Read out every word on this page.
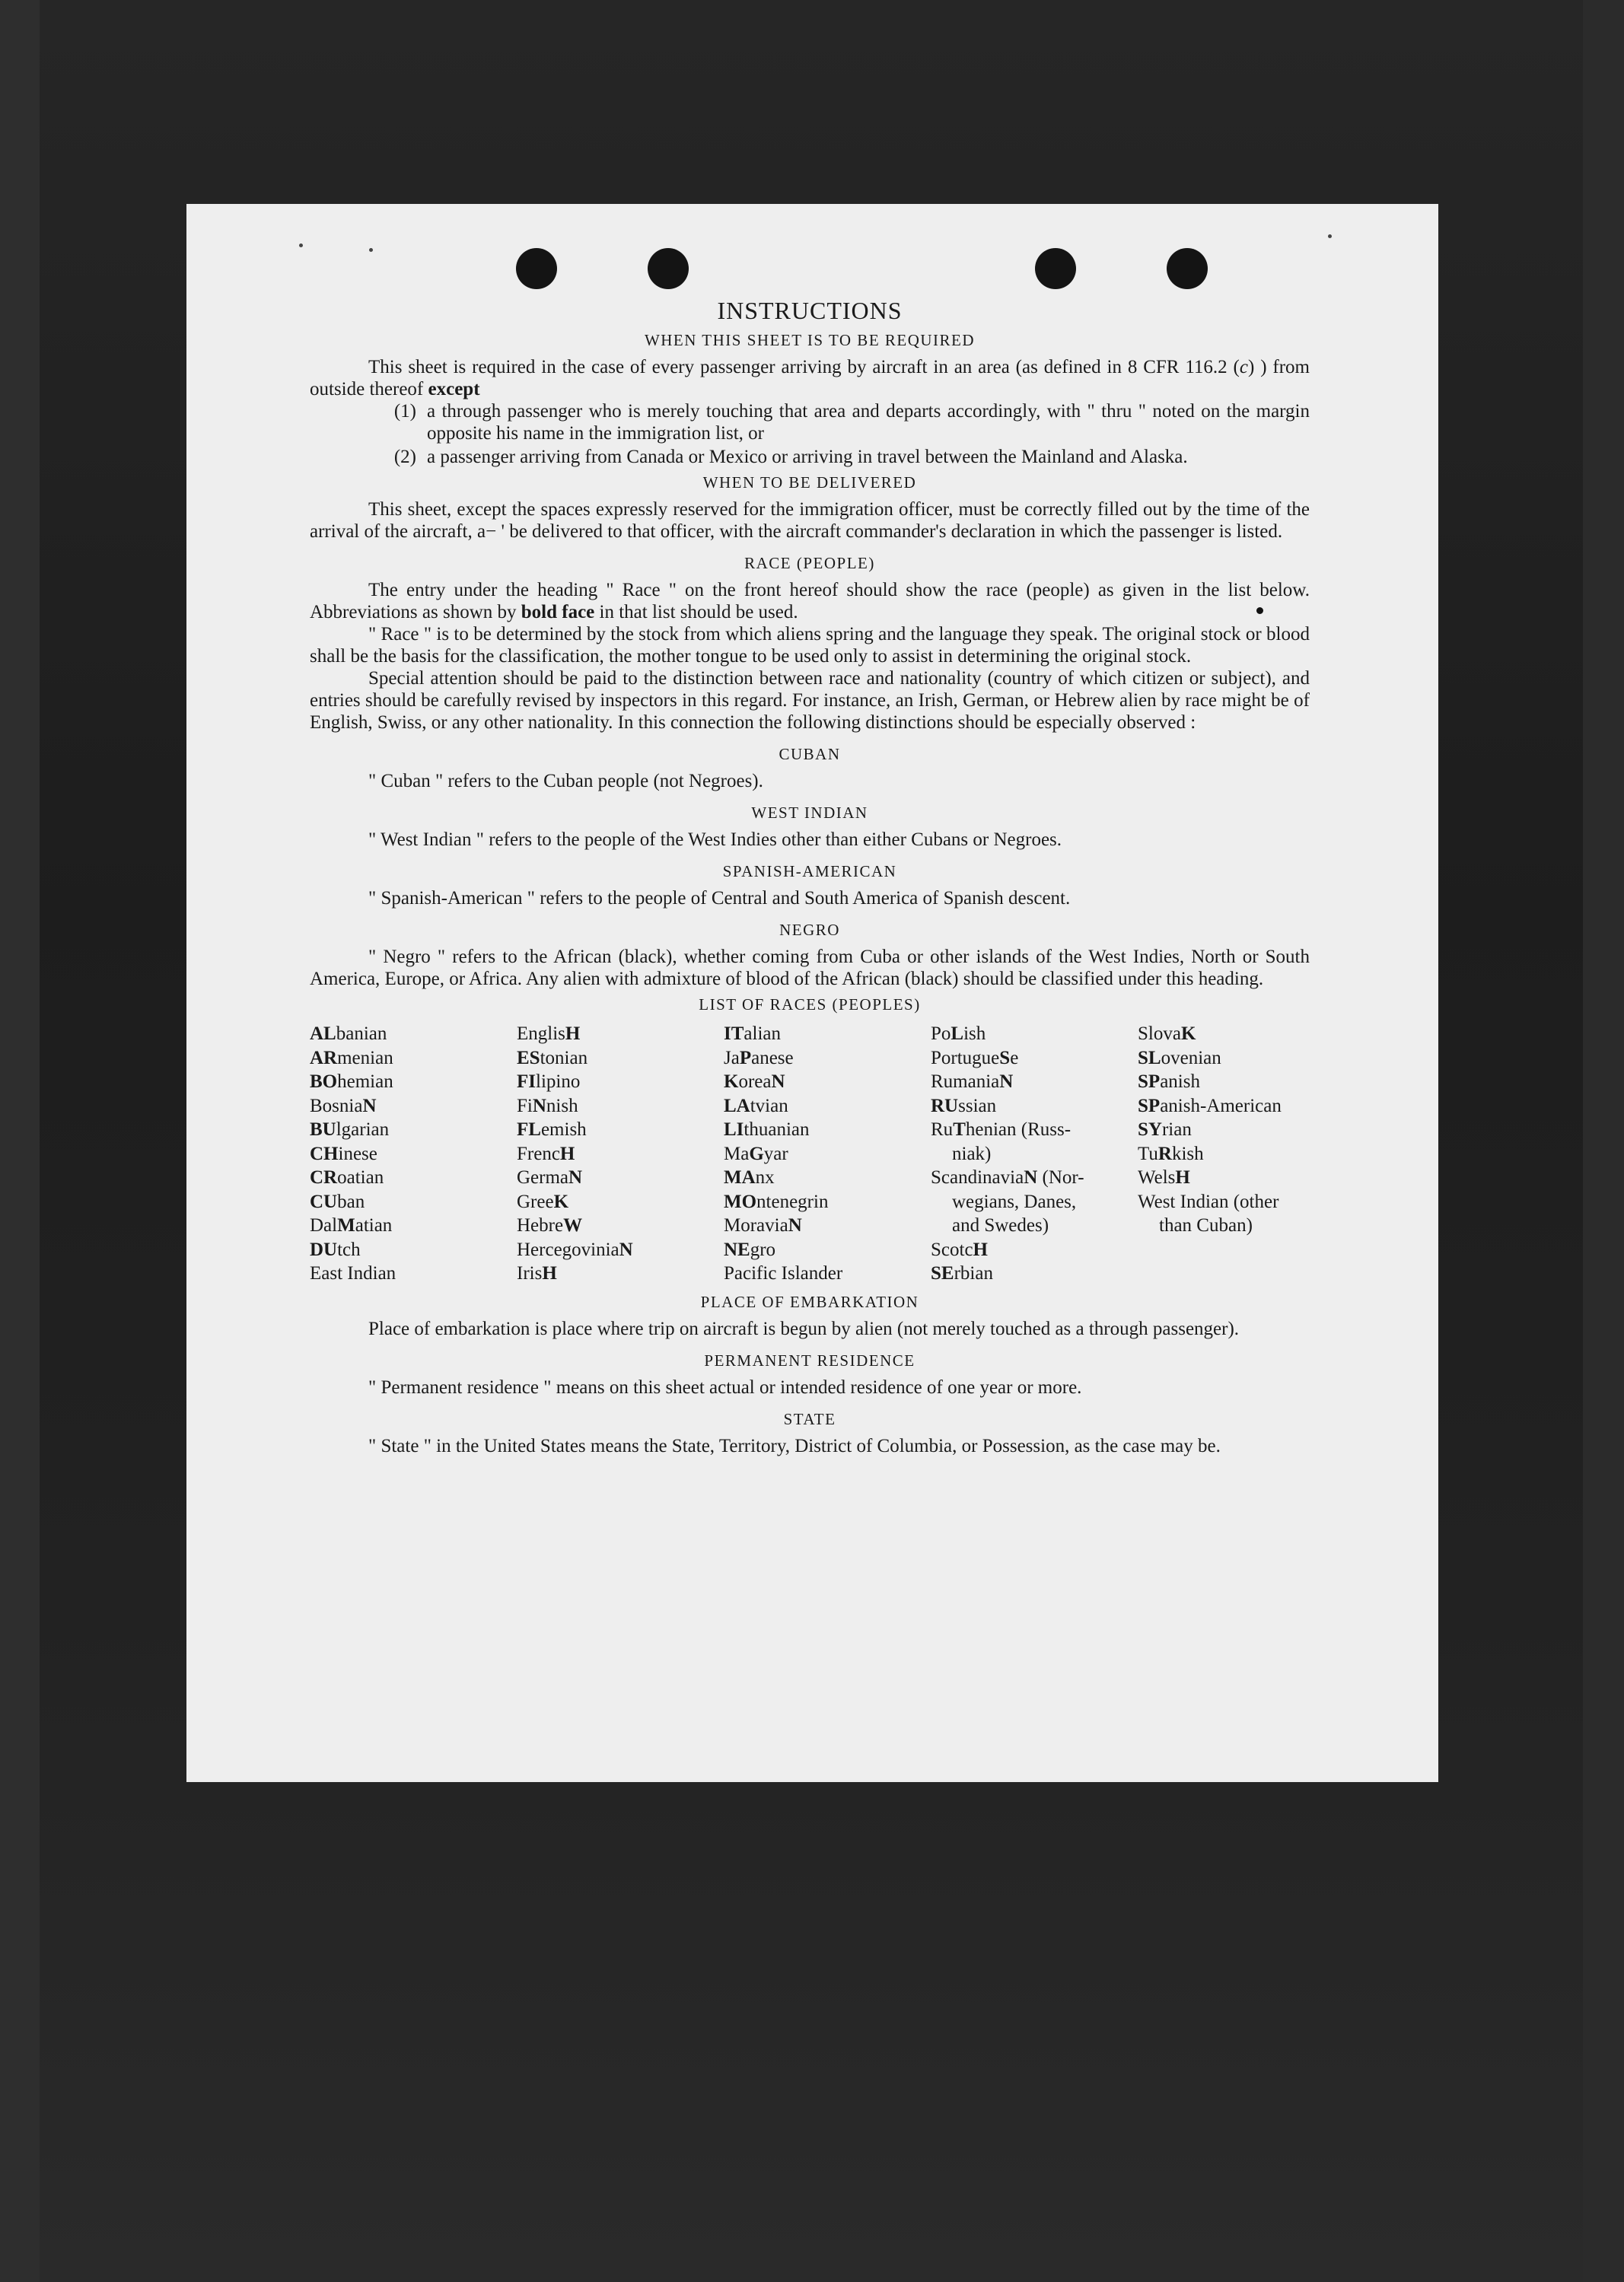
INSTRUCTIONS
WHEN THIS SHEET IS TO BE REQUIRED

This sheet is required in the case of every passenger arriving by aircraft in an area (as defined in 8 CFR 116.2 (c) ) from outside thereof except

(1) a through passenger who is merely touching that area and departs accordingly, with " thru " noted on the margin opposite his name in the immigration list, or
(2) a passenger arriving from Canada or Mexico or arriving in travel between the Mainland and Alaska.
WHEN TO BE DELIVERED

This sheet, except the spaces expressly reserved for the immigration officer, must be correctly filled out by the time of the arrival of the aircraft, a− ' be delivered to that officer, with the aircraft commander's declaration in which the passenger is listed.

RACE (PEOPLE)

The entry under the heading " Race " on the front hereof should show the race (people) as given in the list below. Abbreviations as shown by bold face in that list should be used.

" Race " is to be determined by the stock from which aliens spring and the language they speak. The original stock or blood shall be the basis for the classification, the mother tongue to be used only to assist in determining the original stock.

Special attention should be paid to the distinction between race and nationality (country of which citizen or subject), and entries should be carefully revised by inspectors in this regard. For instance, an Irish, German, or Hebrew alien by race might be of English, Swiss, or any other nationality. In this connection the following distinctions should be especially observed :

CUBAN

" Cuban " refers to the Cuban people (not Negroes).

WEST INDIAN

" West Indian " refers to the people of the West Indies other than either Cubans or Negroes.

SPANISH-AMERICAN

" Spanish-American " refers to the people of Central and South America of Spanish descent.

NEGRO

" Negro " refers to the African (black), whether coming from Cuba or other islands of the West Indies, North or South America, Europe, or Africa. Any alien with admixture of blood of the African (black) should be classified under this heading.

LIST OF RACES (PEOPLES)
ALbanian
ARmenian
BOhemian
BosniaN
BUlgarian
CHinese
CRoatian
CUban
DalMatian
DUtch
East Indian
EnglisH
EStonian
FIlipino
FiNnish
FLemish
FrencH
GermaN
GreeK
HebreW
HercegoviniaN
IrisH
ITalian
JaPanese
KoreaN
LAtvian
LIthuanian
MaGyar
MAnx
MOntenegrin
MoraviaN
NEgro
Pacific Islander
PoLish
PortugueSe
RumaniaN
RUssian
RuThenian (Russ-
niak)
ScandinaviaN (Nor-
wegians, Danes,
and Swedes)
ScotcH
SErbian
SlovaK
SLovenian
SPanish
SPanish-American
SYrian
TuRkish
WelsH
West Indian (other
than Cuban)
PLACE OF EMBARKATION

Place of embarkation is place where trip on aircraft is begun by alien (not merely touched as a through passenger).

PERMANENT RESIDENCE

" Permanent residence " means on this sheet actual or intended residence of one year or more.

STATE

" State " in the United States means the State, Territory, District of Columbia, or Possession, as the case may be.
